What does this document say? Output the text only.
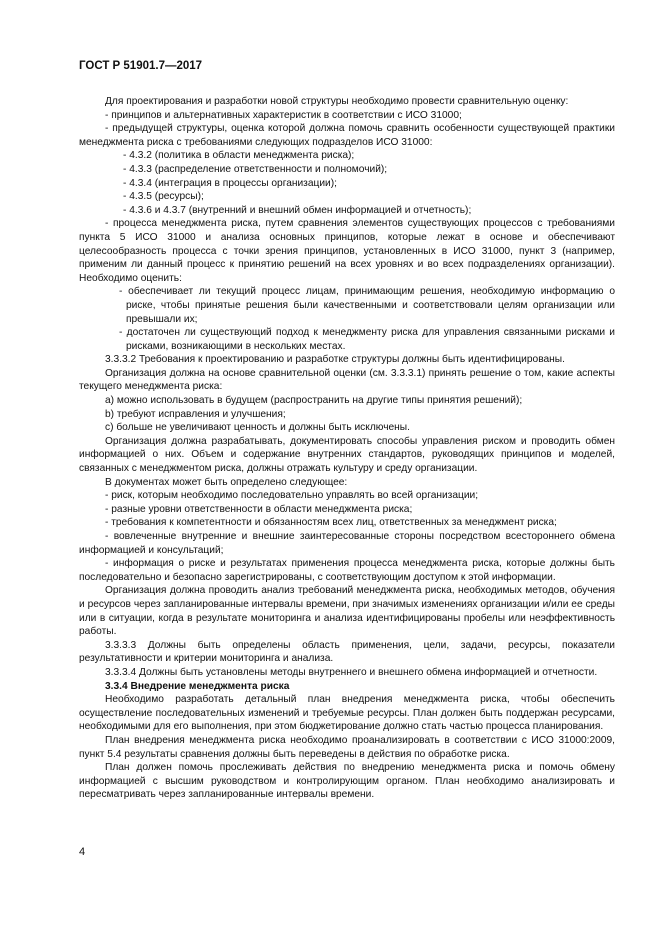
ГОСТ Р 51901.7—2017

Для проектирования и разработки новой структуры необходимо провести сравнительную оценку:

- принципов и альтернативных характеристик в соответствии с ИСО 31000;

- предыдущей структуры, оценка которой должна помочь сравнить особенности существующей практики менеджмента риска с требованиями следующих подразделов ИСО 31000:

- 4.3.2 (политика в области менеджмента риска);

- 4.3.3 (распределение ответственности и полномочий);

- 4.3.4 (интеграция в процессы организации);

- 4.3.5 (ресурсы);

- 4.3.6 и 4.3.7 (внутренний и внешний обмен информацией и отчетность);

- процесса менеджмента риска, путем сравнения элементов существующих процессов с требованиями пункта 5 ИСО 31000 и анализа основных принципов, которые лежат в основе и обеспечивают целесообразность процесса с точки зрения принципов, установленных в ИСО 31000, пункт 3 (например, применим ли данный процесс к принятию решений на всех уровнях и во всех подразделениях организации). Необходимо оценить:

- обеспечивает ли текущий процесс лицам, принимающим решения, необходимую информацию о риске, чтобы принятые решения были качественными и соответствовали целям организации или превышали их;

- достаточен ли существующий подход к менеджменту риска для управления связанными рисками и рисками, возникающими в нескольких местах.

3.3.3.2 Требования к проектированию и разработке структуры должны быть идентифицированы.

Организация должна на основе сравнительной оценки (см. 3.3.3.1) принять решение о том, какие аспекты текущего менеджмента риска:

а) можно использовать в будущем (распространить на другие типы принятия решений);

b) требуют исправления и улучшения;

с) больше не увеличивают ценность и должны быть исключены.

Организация должна разрабатывать, документировать способы управления риском и проводить обмен информацией о них. Объем и содержание внутренних стандартов, руководящих принципов и моделей, связанных с менеджментом риска, должны отражать культуру и среду организации.

В документах может быть определено следующее:

- риск, которым необходимо последовательно управлять во всей организации;

- разные уровни ответственности в области менеджмента риска;

- требования к компетентности и обязанностям всех лиц, ответственных за менеджмент риска;

- вовлеченные внутренние и внешние заинтересованные стороны посредством всестороннего обмена информацией и консультаций;

- информация о риске и результатах применения процесса менеджмента риска, которые должны быть последовательно и безопасно зарегистрированы, с соответствующим доступом к этой информации.

Организация должна проводить анализ требований менеджмента риска, необходимых методов, обучения и ресурсов через запланированные интервалы времени, при значимых изменениях организации и/или ее среды или в ситуации, когда в результате мониторинга и анализа идентифицированы пробелы или неэффективность работы.

3.3.3.3 Должны быть определены область применения, цели, задачи, ресурсы, показатели результативности и критерии мониторинга и анализа.

3.3.3.4 Должны быть установлены методы внутреннего и внешнего обмена информацией и отчетности.

3.3.4 Внедрение менеджмента риска

Необходимо разработать детальный план внедрения менеджмента риска, чтобы обеспечить осуществление последовательных изменений и требуемые ресурсы. План должен быть поддержан ресурсами, необходимыми для его выполнения, при этом бюджетирование должно стать частью процесса планирования.

План внедрения менеджмента риска необходимо проанализировать в соответствии с ИСО 31000:2009, пункт 5.4 результаты сравнения должны быть переведены в действия по обработке риска.

План должен помочь прослеживать действия по внедрению менеджмента риска и помочь обмену информацией с высшим руководством и контролирующим органом. План необходимо анализировать и пересматривать через запланированные интервалы времени.

4
